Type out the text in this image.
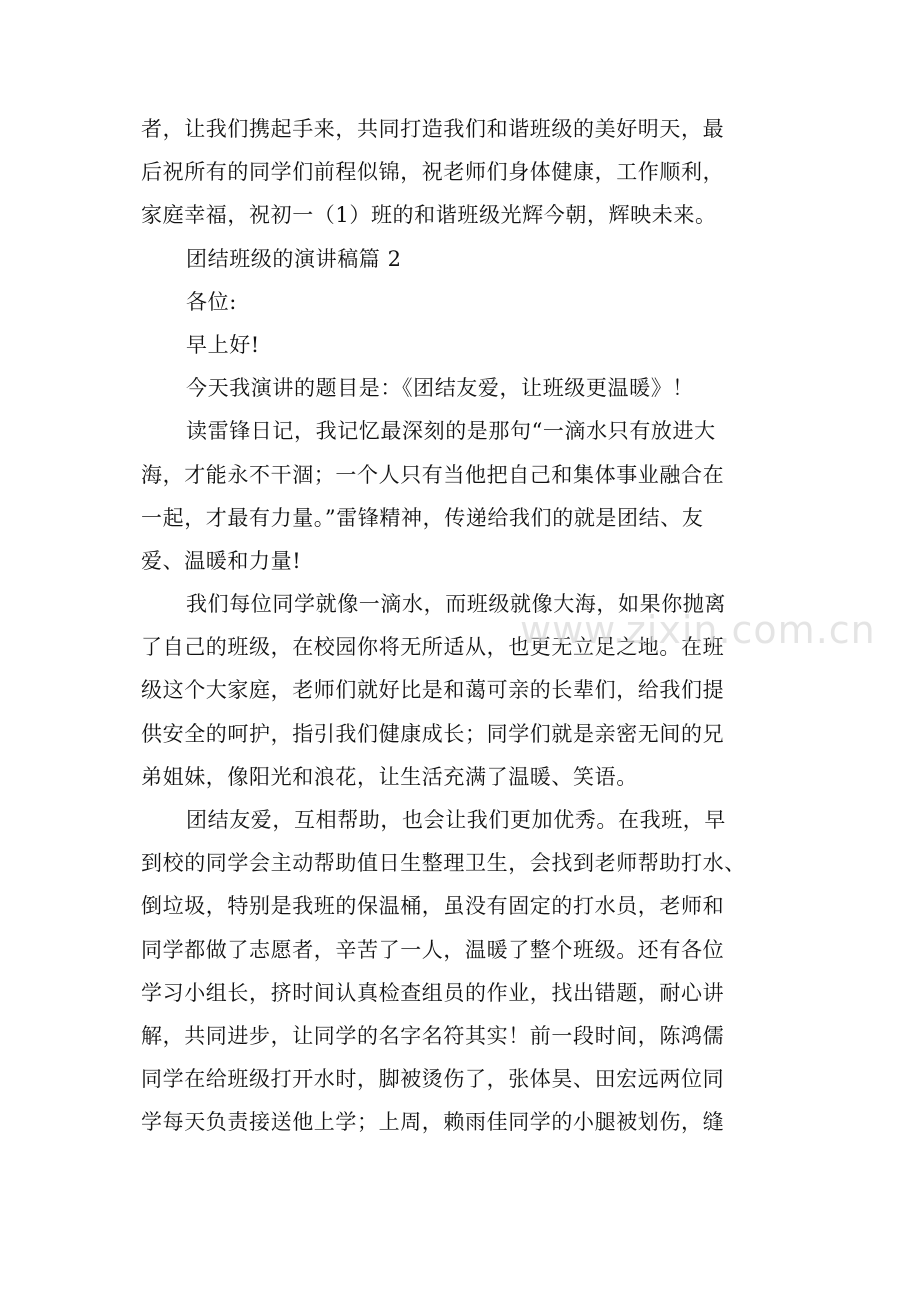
者，让我们携起手来，共同打造我们和谐班级的美好明天，最
后祝所有的同学们前程似锦，祝老师们身体健康，工作顺利，
家庭幸福，祝初一（1）班的和谐班级光辉今朝，辉映未来。
团结班级的演讲稿篇 2
各位:
早上好!
今天我演讲的题目是：《团结友爱，让班级更温暖》！
读雷锋日记，我记忆最深刻的是那句“一滴水只有放进大
海，才能永不干涸；一个人只有当他把自己和集体事业融合在
一起，才最有力量。”雷锋精神，传递给我们的就是团结、友
爱、温暖和力量!
我们每位同学就像一滴水，而班级就像大海，如果你抛离
了自己的班级，在校园你将无所适从，也更无立足之地。在班
级这个大家庭，老师们就好比是和蔼可亲的长辈们，给我们提
供安全的呵护，指引我们健康成长；同学们就是亲密无间的兄
弟姐妹，像阳光和浪花，让生活充满了温暖、笑语。
团结友爱，互相帮助，也会让我们更加优秀。在我班，早
到校的同学会主动帮助值日生整理卫生，会找到老师帮助打水、
倒垃圾，特别是我班的保温桶，虽没有固定的打水员，老师和
同学都做了志愿者，辛苦了一人，温暖了整个班级。还有各位
学习小组长，挤时间认真检查组员的作业，找出错题，耐心讲
解，共同进步，让同学的名字名符其实！前一段时间，陈鸿儒
同学在给班级打开水时，脚被烫伤了，张体昊、田宏远两位同
学每天负责接送他上学；上周，赖雨佳同学的小腿被划伤，缝
www.zixin.com.cn
